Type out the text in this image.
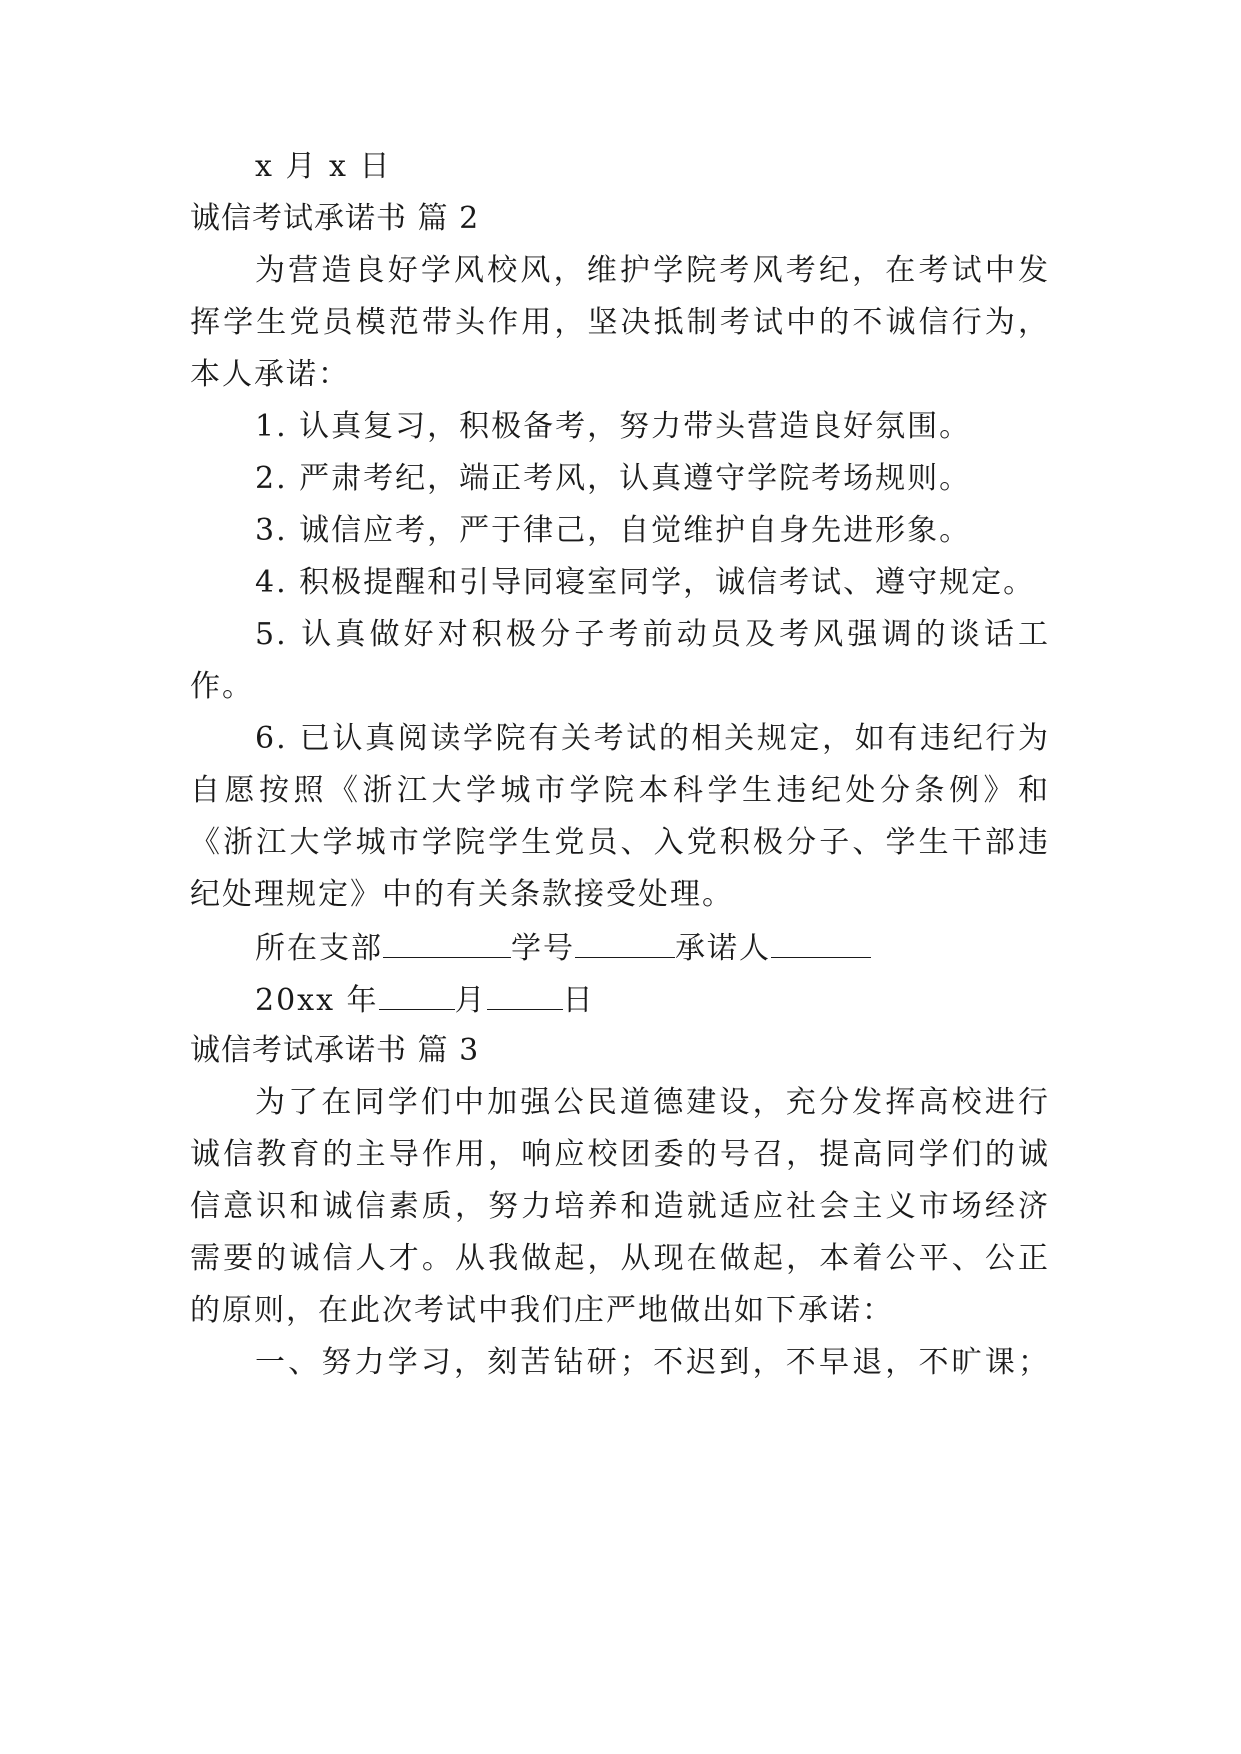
x 月 x 日
诚信考试承诺书 篇 2
为营造良好学风校风，维护学院考风考纪，在考试中发
挥学生党员模范带头作用，坚决抵制考试中的不诚信行为，
本人承诺：
1. 认真复习，积极备考，努力带头营造良好氛围。
2. 严肃考纪，端正考风，认真遵守学院考场规则。
3. 诚信应考，严于律己，自觉维护自身先进形象。
4. 积极提醒和引导同寝室同学，诚信考试、遵守规定。
5. 认真做好对积极分子考前动员及考风强调的谈话工
作。
6. 已认真阅读学院有关考试的相关规定，如有违纪行为
自愿按照《浙江大学城市学院本科学生违纪处分条例》和
《浙江大学城市学院学生党员、入党积极分子、学生干部违
纪处理规定》中的有关条款接受处理。
所在支部	学号	承诺人
20xx 年	月	日
诚信考试承诺书 篇 3
为了在同学们中加强公民道德建设，充分发挥高校进行
诚信教育的主导作用，响应校团委的号召，提高同学们的诚
信意识和诚信素质，努力培养和造就适应社会主义市场经济
需要的诚信人才。从我做起，从现在做起，本着公平、公正
的原则，在此次考试中我们庄严地做出如下承诺：
一、努力学习，刻苦钻研；不迟到，不早退，不旷课；
